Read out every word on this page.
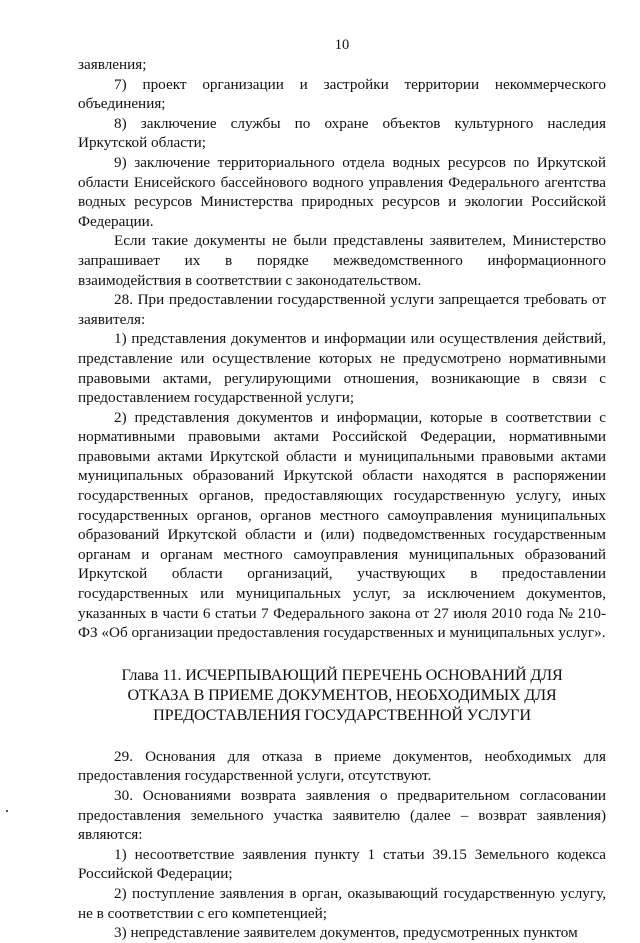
10

заявления;

7) проект организации и застройки территории некоммерческого объединения;

8) заключение службы по охране объектов культурного наследия Иркутской области;

9) заключение территориального отдела водных ресурсов по Иркутской области Енисейского бассейнового водного управления Федерального агентства водных ресурсов Министерства природных ресурсов и экологии Российской Федерации.

Если такие документы не были представлены заявителем, Министерство запрашивает их в порядке межведомственного информационного взаимодействия в соответствии с законодательством.

28. При предоставлении государственной услуги запрещается требовать от заявителя:

1) представления документов и информации или осуществления действий, представление или осуществление которых не предусмотрено нормативными правовыми актами, регулирующими отношения, возникающие в связи с предоставлением государственной услуги;

2) представления документов и информации, которые в соответствии с нормативными правовыми актами Российской Федерации, нормативными правовыми актами Иркутской области и муниципальными правовыми актами муниципальных образований Иркутской области находятся в распоряжении государственных органов, предоставляющих государственную услугу, иных государственных органов, органов местного самоуправления муниципальных образований Иркутской области и (или) подведомственных государственным органам и органам местного самоуправления муниципальных образований Иркутской области организаций, участвующих в предоставлении государственных или муниципальных услуг, за исключением документов, указанных в части 6 статьи 7 Федерального закона от 27 июля 2010 года № 210-ФЗ «Об организации предоставления государственных и муниципальных услуг».

Глава 11. ИСЧЕРПЫВАЮЩИЙ ПЕРЕЧЕНЬ ОСНОВАНИЙ ДЛЯ
ОТКАЗА В ПРИЕМЕ ДОКУМЕНТОВ, НЕОБХОДИМЫХ ДЛЯ
ПРЕДОСТАВЛЕНИЯ ГОСУДАРСТВЕННОЙ УСЛУГИ

29. Основания для отказа в приеме документов, необходимых для предоставления государственной услуги, отсутствуют.

30. Основаниями возврата заявления о предварительном согласовании предоставления земельного участка заявителю (далее – возврат заявления) являются:

1) несоответствие заявления пункту 1 статьи 39.15 Земельного кодекса Российской Федерации;

2) поступление заявления в орган, оказывающий государственную услугу, не в соответствии с его компетенцией;

3) непредставление заявителем документов, предусмотренных пунктом
